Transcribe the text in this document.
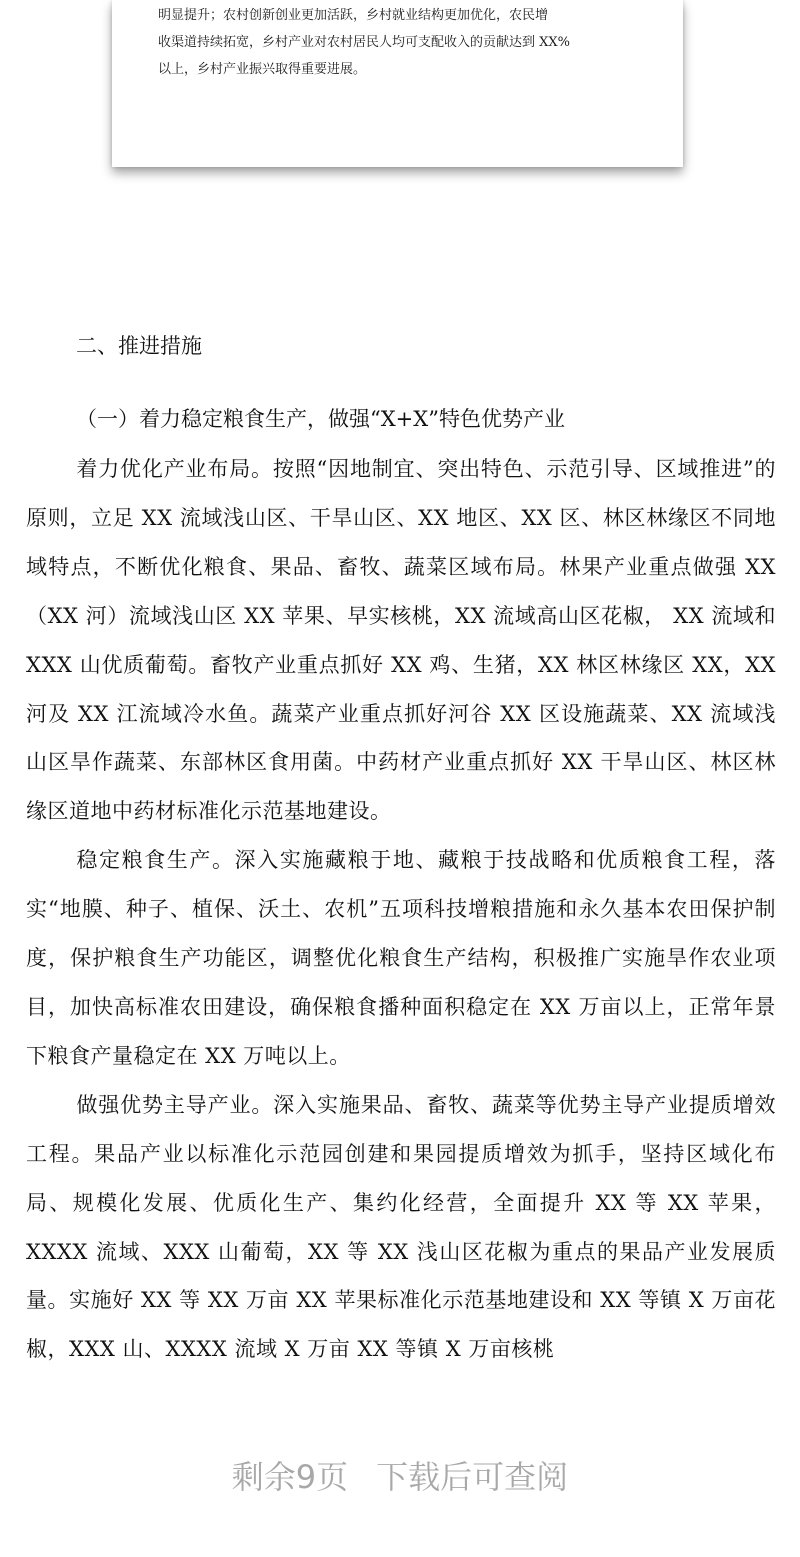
明显提升；农村创新创业更加活跃，乡村就业结构更加优化，农民增
收渠道持续拓宽，乡村产业对农村居民人均可支配收入的贡献达到 XX%
以上，乡村产业振兴取得重要进展。

二、推进措施
（一）着力稳定粮食生产，做强“X+X”特色优势产业

着力优化产业布局。按照“因地制宜、突出特色、示范引导、区域推进”的原则，立足 XX 流域浅山区、干旱山区、XX 地区、XX 区、林区林缘区不同地域特点，不断优化粮食、果品、畜牧、蔬菜区域布局。林果产业重点做强 XX（XX 河）流域浅山区 XX 苹果、早实核桃，XX 流域高山区花椒， XX 流域和 XXX 山优质葡萄。畜牧产业重点抓好 XX 鸡、生猪，XX 林区林缘区 XX，XX 河及 XX 江流域冷水鱼。蔬菜产业重点抓好河谷 XX 区设施蔬菜、XX 流域浅山区旱作蔬菜、东部林区食用菌。中药材产业重点抓好 XX 干旱山区、林区林缘区道地中药材标准化示范基地建设。

稳定粮食生产。深入实施藏粮于地、藏粮于技战略和优质粮食工程，落实“地膜、种子、植保、沃土、农机”五项科技增粮措施和永久基本农田保护制度，保护粮食生产功能区，调整优化粮食生产结构，积极推广实施旱作农业项目，加快高标准农田建设，确保粮食播种面积稳定在 XX 万亩以上，正常年景下粮食产量稳定在 XX 万吨以上。

做强优势主导产业。深入实施果品、畜牧、蔬菜等优势主导产业提质增效工程。果品产业以标准化示范园创建和果园提质增效为抓手，坚持区域化布局、规模化发展、优质化生产、集约化经营，全面提升 XX 等 XX 苹果，XXXX 流域、XXX 山葡萄，XX 等 XX 浅山区花椒为重点的果品产业发展质量。实施好 XX 等 XX 万亩 XX 苹果标准化示范基地建设和 XX 等镇 X 万亩花椒，XXX 山、XXXX 流域 X 万亩 XX 等镇 X 万亩核桃

剩余9页 下载后可查阅
